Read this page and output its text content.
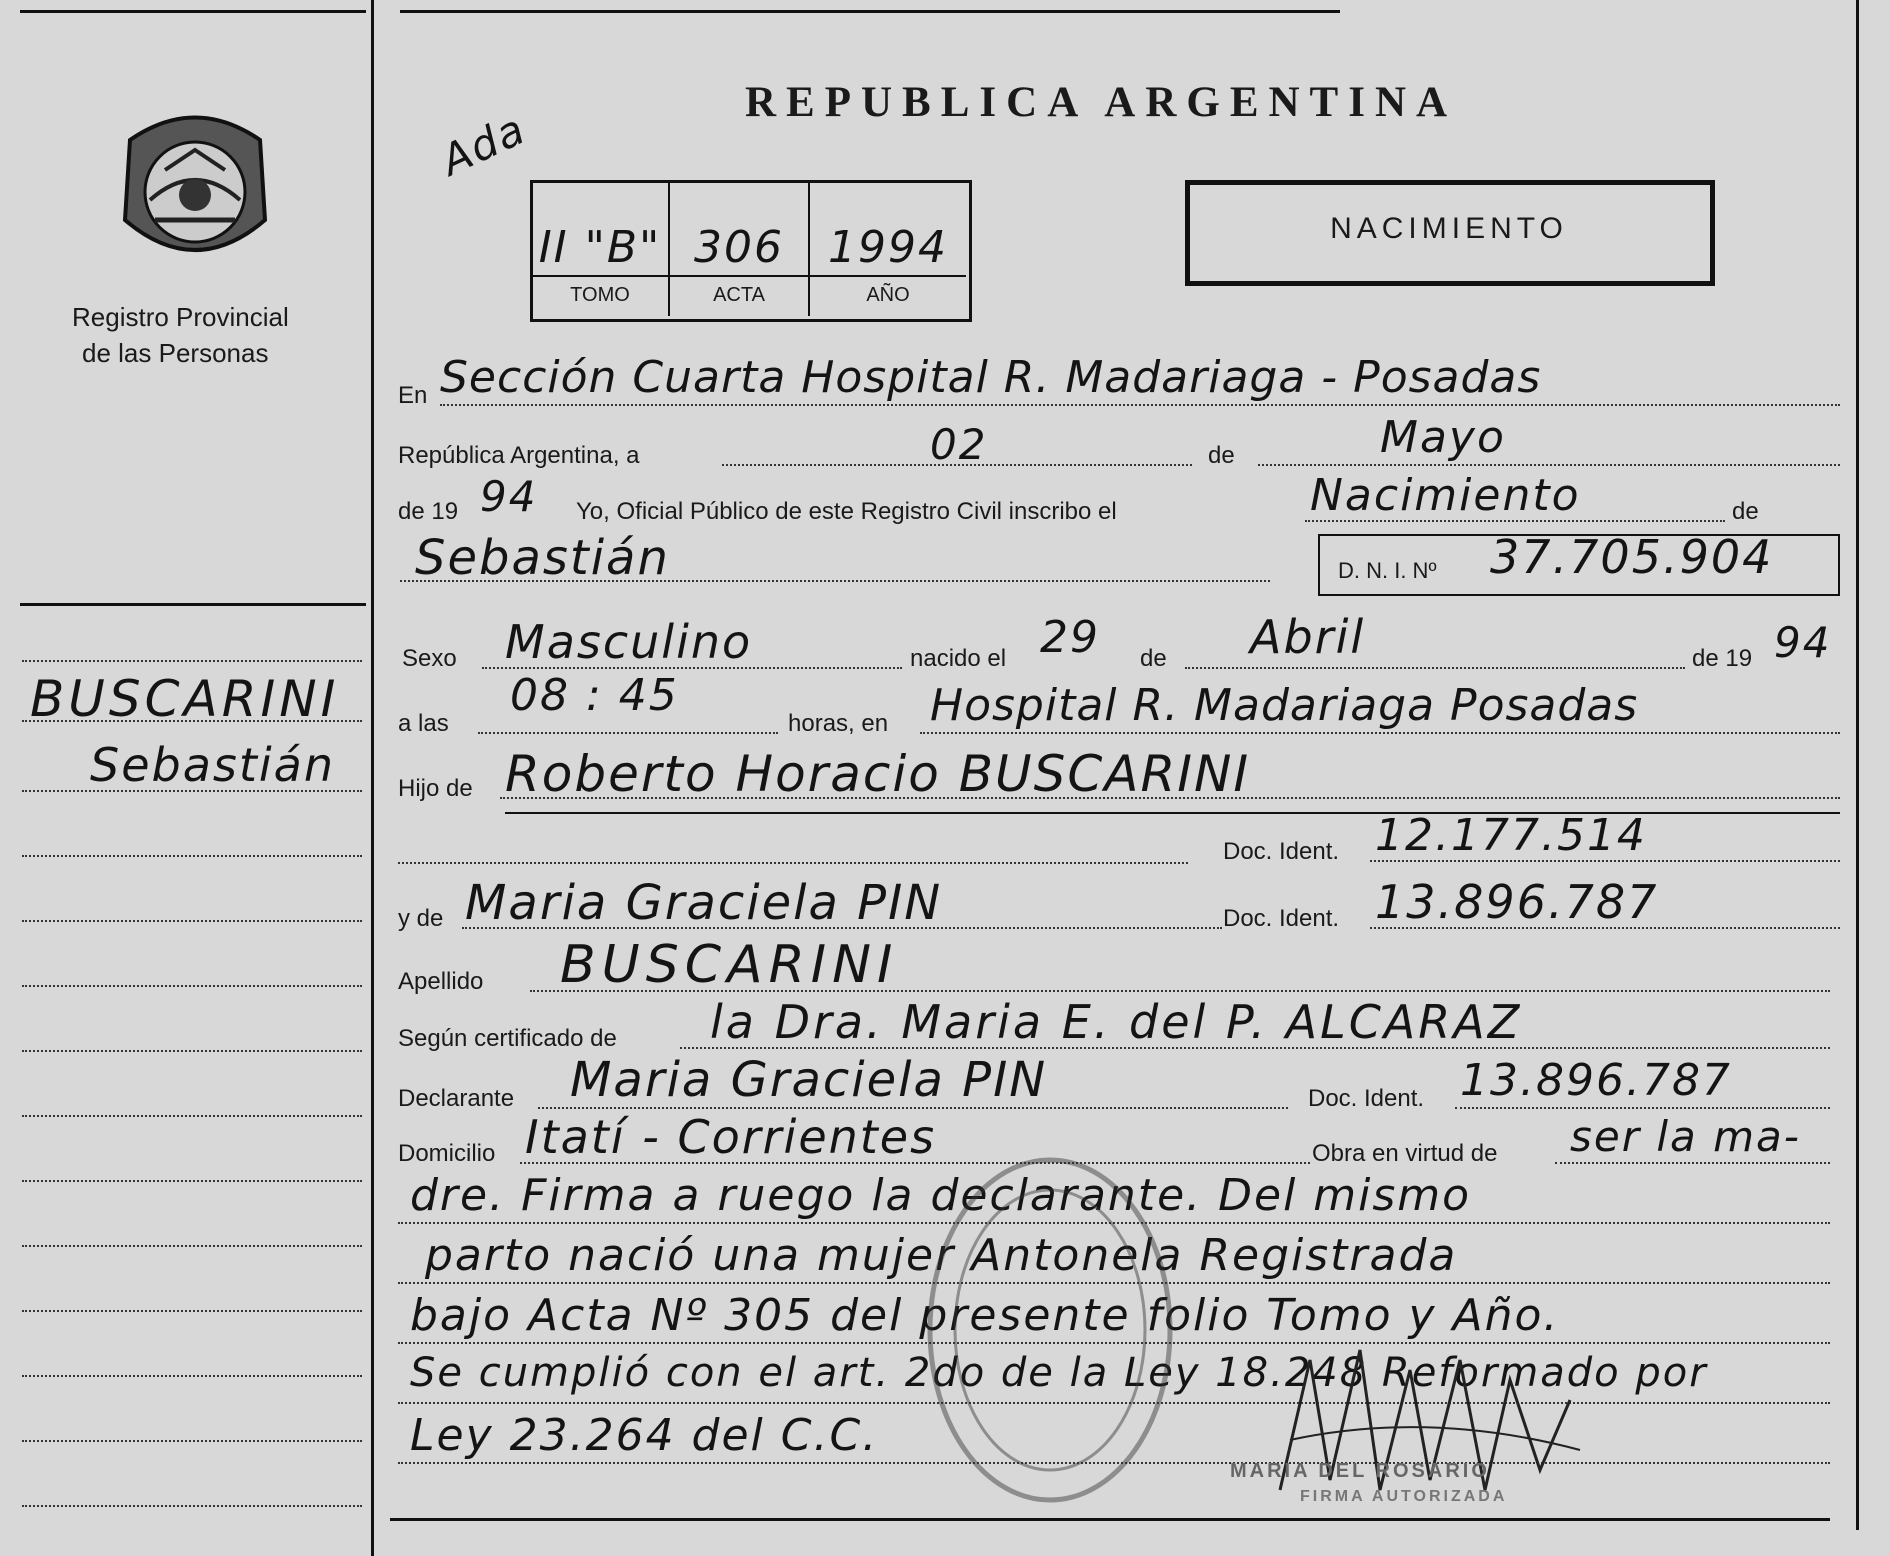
Registro Provincial
de las Personas
Ada
REPUBLICA ARGENTINA
II "B" 306	1994
TOMO	ACTA	AÑO
NACIMIENTO
BUSCARINI
Sebastián
En Sección Cuarta Hospital R. Madariaga - Posadas
República Argentina, a	02	de	Mayo
de 19 94 Yo, Oficial Público de este Registro Civil inscribo el	Nacimiento	de
Sebastián	D. N. I. Nº 37.705.904
Sexo Masculino	nacido el 29 de Abril	de 19 94
a las
08 : 45
horas, en Hospital R. Madariaga Posadas
Hijo de Roberto Horacio BUSCARINI
Doc. Ident. 12.177.514
y de Maria Graciela PIN	Doc. Ident. 13.896.787
Apellido BUSCARINI
Según certificado de la Dra. Maria E. del P. ALCARAZ
Declarante Maria Graciela PIN	Doc. Ident. 13.896.787
Domicilio Itatí - Corrientes	Obra en virtud de ser la ma-
dre. Firma a ruego la declarante. Del mismo
parto nació una mujer Antonela Registrada
bajo Acta Nº 305 del presente folio Tomo y Año.
Se cumplió con el art. 2do de la Ley 18.248 Reformado por
Ley 23.264 del C.C.
MARIA DEL ROSARIO
FIRMA AUTORIZADA
